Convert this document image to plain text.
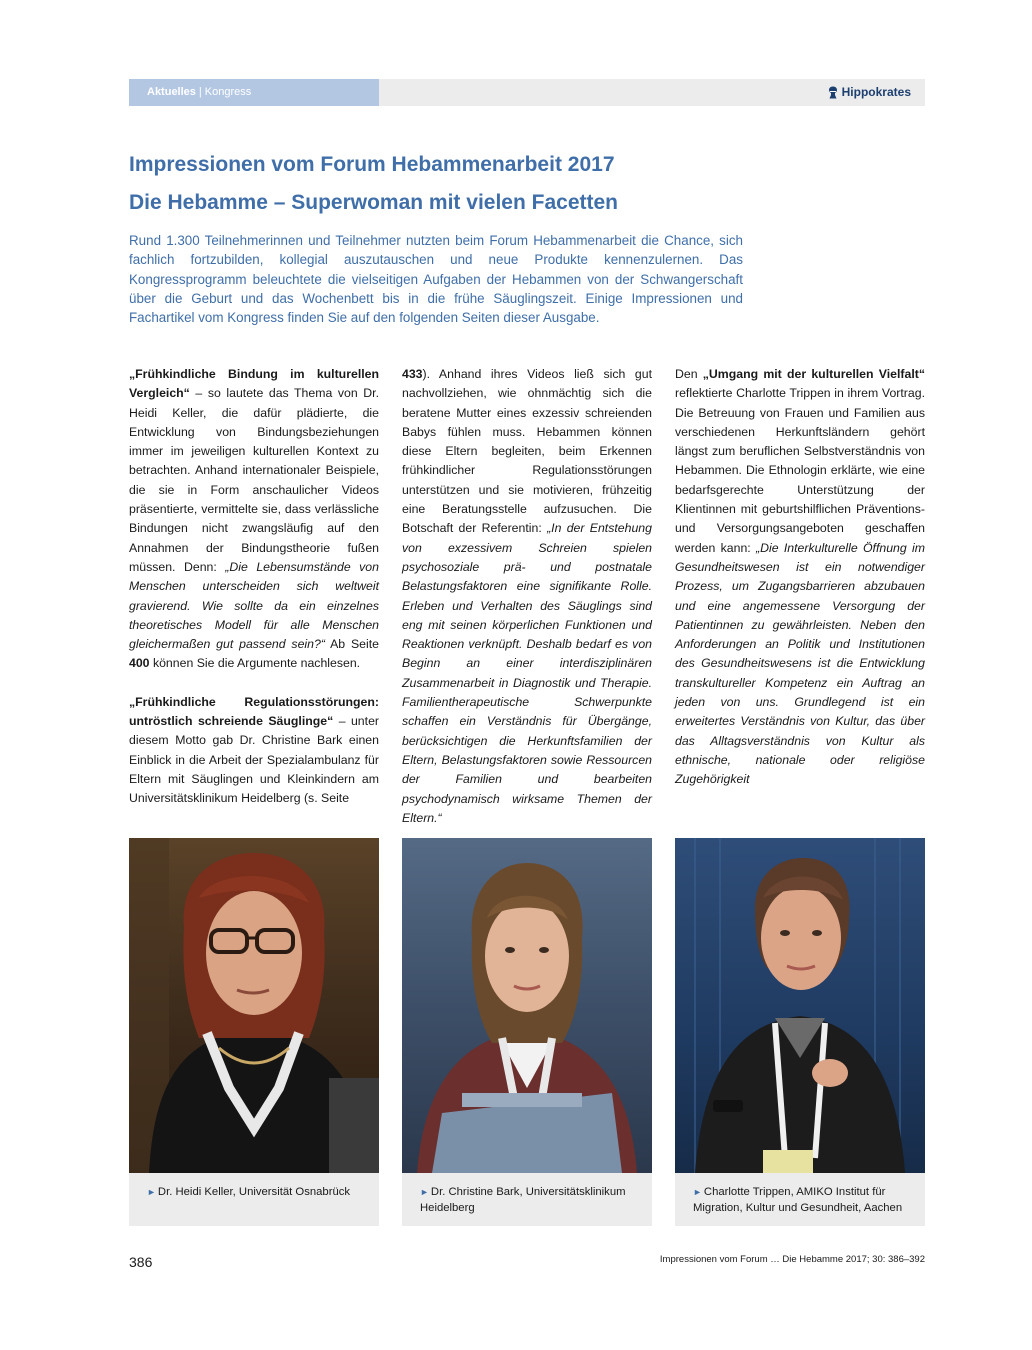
Aktuelles | Kongress	Hippokrates
Impressionen vom Forum Hebammenarbeit 2017
Die Hebamme – Superwoman mit vielen Facetten

Rund 1.300 Teilnehmerinnen und Teilnehmer nutzten beim Forum Hebammenarbeit die Chance, sich fachlich fortzubilden, kollegial auszutauschen und neue Produkte kennenzulernen. Das Kongressprogramm beleuchtete die vielseitigen Aufgaben der Hebammen von der Schwangerschaft über die Geburt und das Wochenbett bis in die frühe Säuglingszeit. Einige Impressionen und Fachartikel vom Kongress finden Sie auf den folgenden Seiten dieser Ausgabe.

„Frühkindliche Bindung im kulturellen Vergleich“ – so lautete das Thema von Dr. Heidi Keller, die dafür plädierte, die Entwicklung von Bindungsbeziehungen immer im jeweiligen kulturellen Kontext zu betrachten. Anhand internationaler Beispiele, die sie in Form anschaulicher Videos präsentierte, vermittelte sie, dass verlässliche Bindungen nicht zwangsläufig auf den Annahmen der Bindungstheorie fußen müssen. Denn: „Die Lebensumstände von Menschen unterscheiden sich weltweit gravierend. Wie sollte da ein einzelnes theoretisches Modell für alle Menschen gleichermaßen gut passend sein?“ Ab Seite 400 können Sie die Argumente nachlesen.

„Frühkindliche Regulationsstörungen: untröstlich schreiende Säuglinge“ – unter diesem Motto gab Dr. Christine Bark einen Einblick in die Arbeit der Spezialambulanz für Eltern mit Säuglingen und Kleinkindern am Universitätsklinikum Heidelberg (s. Seite

433). Anhand ihres Videos ließ sich gut nachvollziehen, wie ohnmächtig sich die beratene Mutter eines exzessiv schreienden Babys fühlen muss. Hebammen können diese Eltern begleiten, beim Erkennen frühkindlicher Regulationsstörungen unterstützen und sie motivieren, frühzeitig eine Beratungsstelle aufzusuchen. Die Botschaft der Referentin: „In der Entstehung von exzessivem Schreien spielen psychosoziale prä- und postnatale Belastungsfaktoren eine signifikante Rolle. Erleben und Verhalten des Säuglings sind eng mit seinen körperlichen Funktionen und Reaktionen verknüpft. Deshalb bedarf es von Beginn an einer interdisziplinären Zusammenarbeit in Diagnostik und Therapie. Familientherapeutische Schwerpunkte schaffen ein Verständnis für Übergänge, berücksichtigen die Herkunftsfamilien der Eltern, Belastungsfaktoren sowie Ressourcen der Familien und bearbeiten psychodynamisch wirksame Themen der Eltern.“

Den „Umgang mit der kulturellen Vielfalt“ reflektierte Charlotte Trippen in ihrem Vortrag. Die Betreuung von Frauen und Familien aus verschiedenen Herkunftsländern gehört längst zum beruflichen Selbstverständnis von Hebammen. Die Ethnologin erklärte, wie eine bedarfsgerechte Unterstützung der Klientinnen mit geburtshilflichen Präventions- und Versorgungsangeboten geschaffen werden kann: „Die Interkulturelle Öffnung im Gesundheitswesen ist ein notwendiger Prozess, um Zugangsbarrieren abzubauen und eine angemessene Versorgung der Patientinnen zu gewährleisten. Neben den Anforderungen an Politik und Institutionen des Gesundheitswesens ist die Entwicklung transkultureller Kompetenz ein Auftrag an jeden von uns. Grundlegend ist ein erweitertes Verständnis von Kultur, das über das Alltagsverständnis von Kultur als ethnische, nationale oder religiöse Zugehörigkeit

► Dr. Heidi Keller, Universität Osnabrück	► Dr. Christine Bark, Universitätsklinikum Heidelberg
► Charlotte Trippen, AMIKO Institut für Migration, Kultur und Gesundheit, Aachen
386	Impressionen vom Forum … Die Hebamme 2017; 30: 386–392
